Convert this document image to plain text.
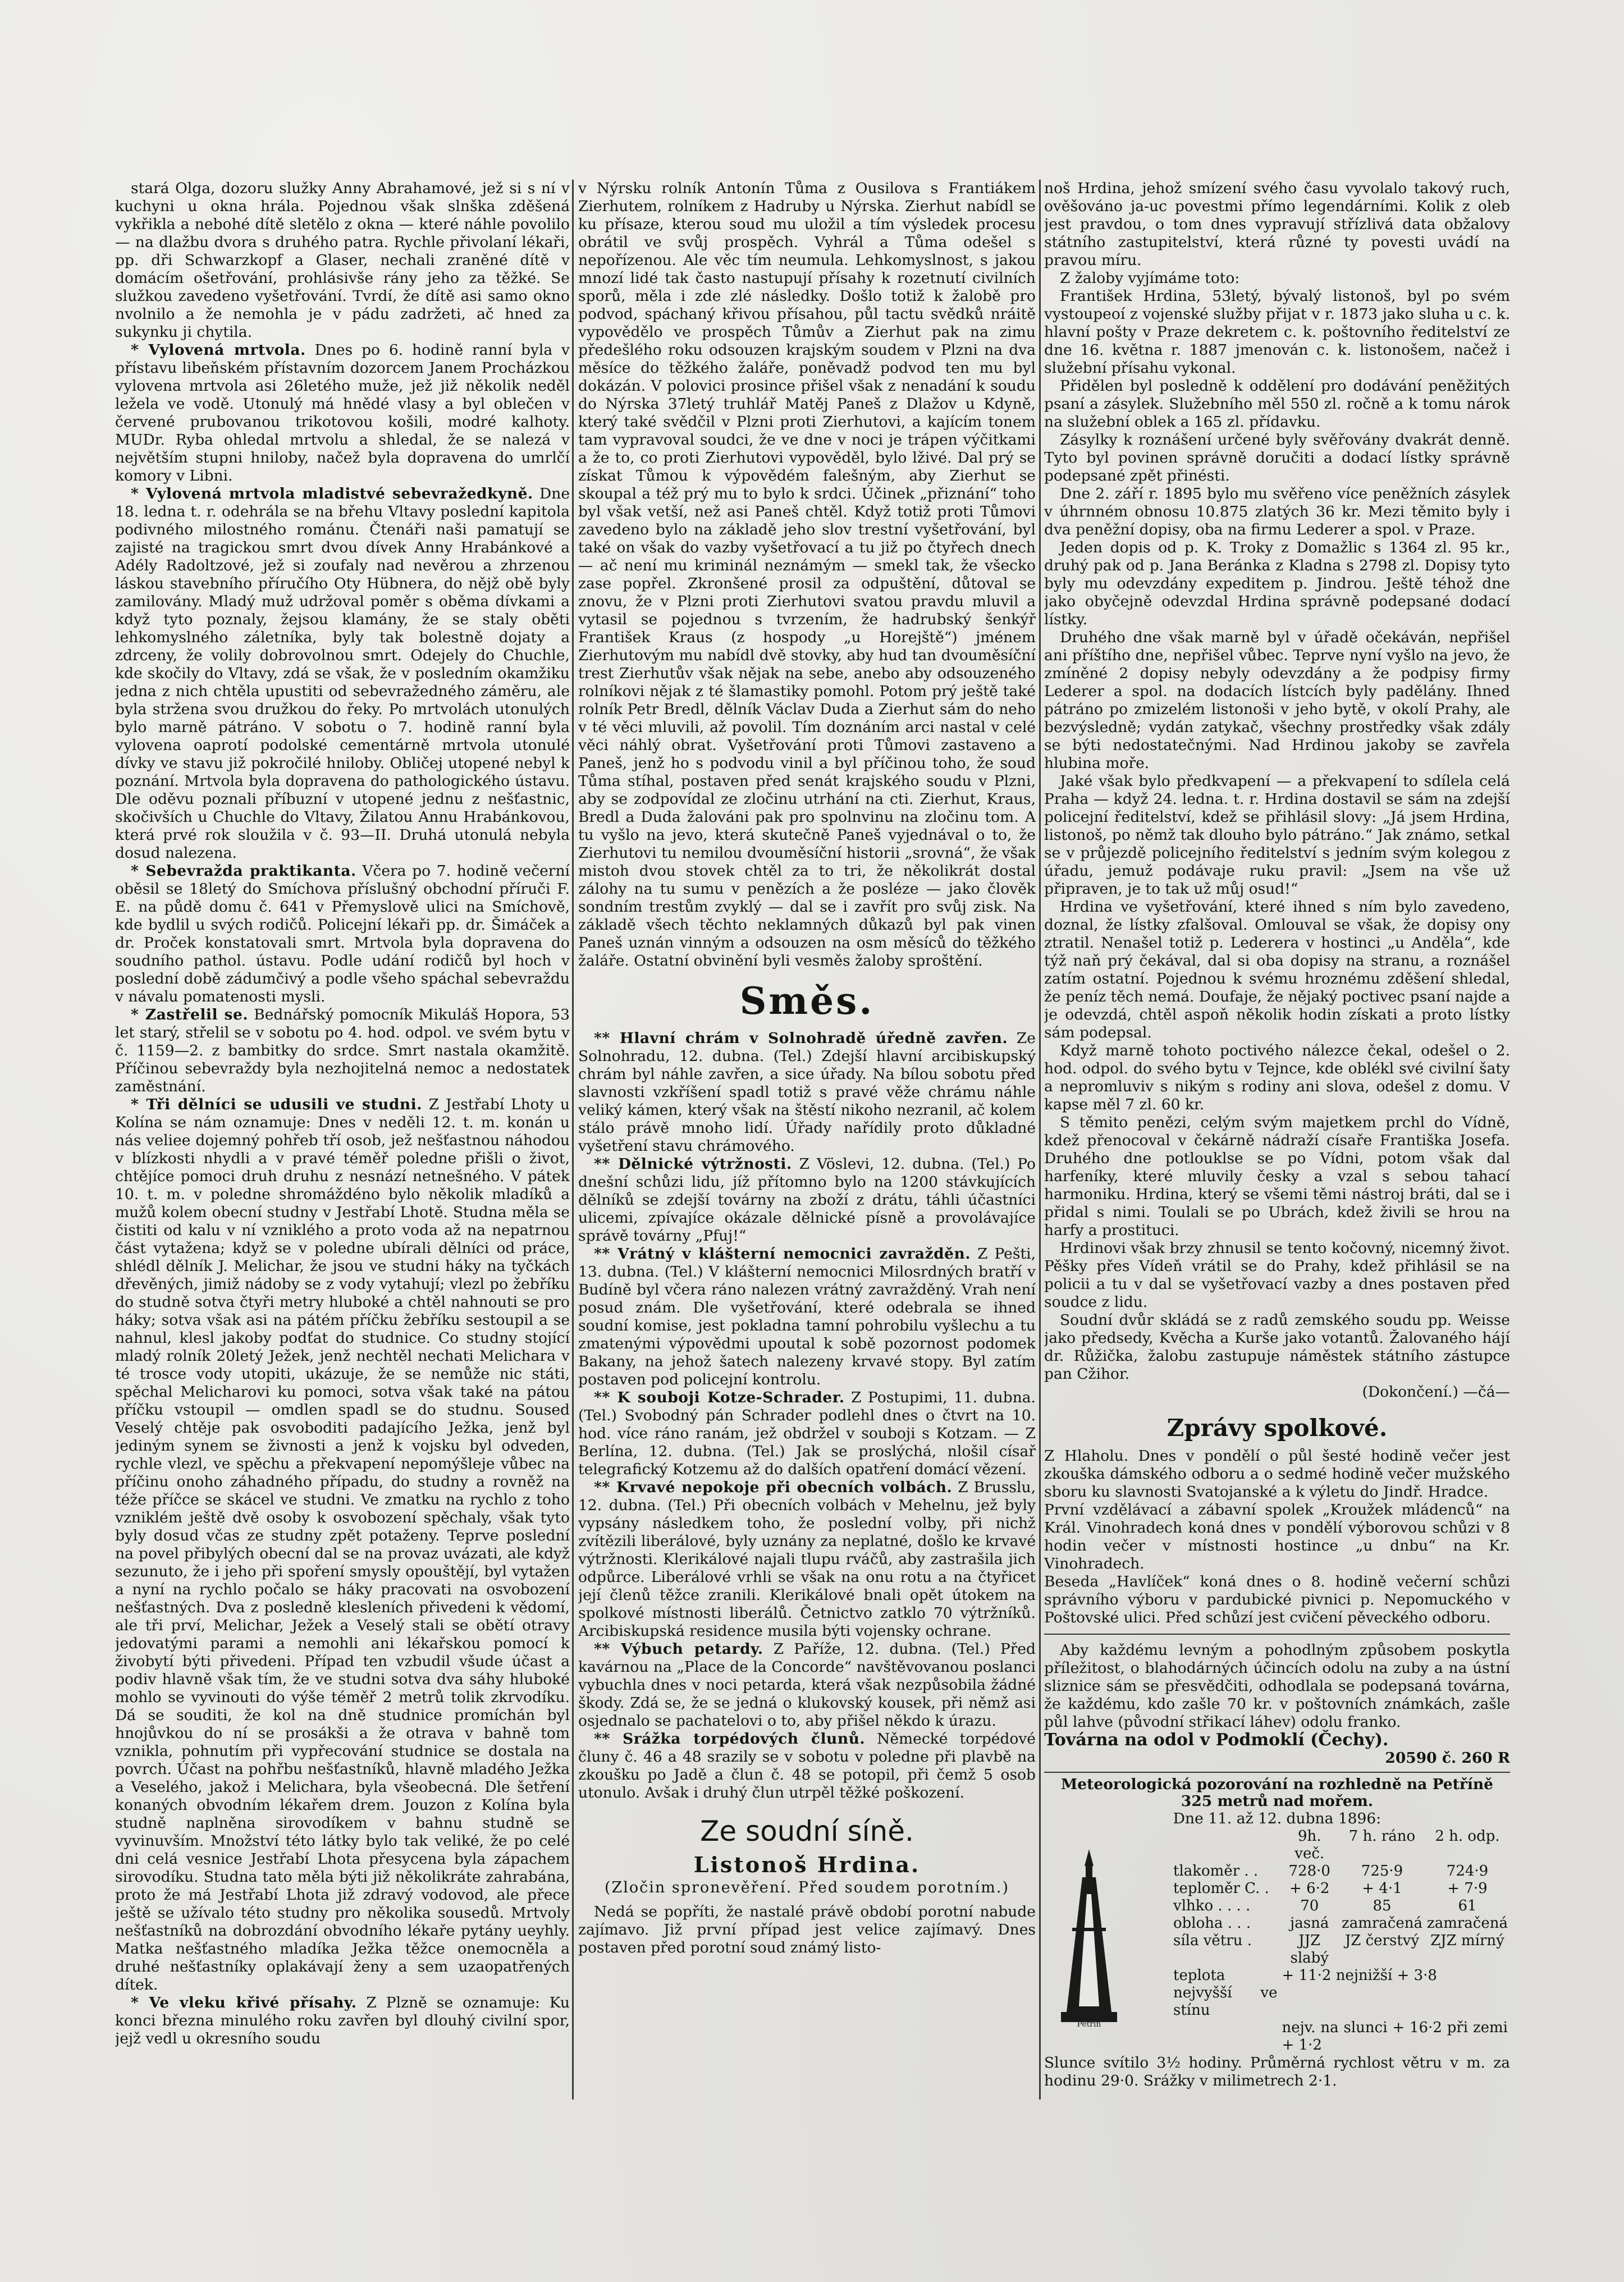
stará Olga, dozoru služky Anny Abrahamové, jež si s ní v kuchyni u okna hrála. Pojednou však slnška zděšená vykřikla a nebohé dítě sletělo z okna — které náhle povolilo — na dlažbu dvora s druhého patra. Rychle přivolaní lékaři, pp. dři Schwarzkopf a Glaser, nechali zraněné dítě v domácím ošetřování, prohlásivše rány jeho za těžké. Se služkou zavedeno vyšetřování. Tvrdí, že dítě asi samo okno nvolnilo a že nemohla je v pádu zadržeti, ač hned za sukynku ji chytila.

* Vylovená mrtvola. Dnes po 6. hodině ranní byla v přístavu libeňském přístavním dozorcem Janem Procházkou vylovena mrtvola asi 26letého muže, jež již několik neděl ležela ve vodě. Utonulý má hnědé vlasy a byl oblečen v červené prubovanou trikotovou košili, modré kalhoty. MUDr. Ryba ohledal mrtvolu a shledal, že se nalezá v největším stupni hniloby, načež byla dopravena do umrlčí komory v Libni.

* Vylovená mrtvola mladistvé sebevražedkyně. Dne 18. ledna t. r. odehrála se na břehu Vltavy poslední kapitola podivného milostného románu. Čtenáři naši pamatují se zajisté na tragickou smrt dvou dívek Anny Hrabánkové a Adély Radoltzové, jež si zoufaly nad nevěrou a zhrzenou láskou stavebního příručího Oty Hübnera, do nějž obě byly zamilovány. Mladý muž udržoval poměr s oběma dívkami a když tyto poznaly, žejsou klamány, že se staly oběti lehkomyslného záletníka, byly tak bolestně dojaty a zdrceny, že volily dobrovolnou smrt. Odejely do Chuchle, kde skočily do Vltavy, zdá se však, že v posledním okamžiku jedna z nich chtěla upustiti od sebevražedného záměru, ale byla stržena svou družkou do řeky. Po mrtvolách utonulých bylo marně pátráno. V sobotu o 7. hodině ranní byla vylovena oaprotí podolské cementárně mrtvola utonulé dívky ve stavu již pokročilé hniloby. Obličej utopené nebyl k poznání. Mrtvola byla dopravena do pathologického ústavu. Dle oděvu poznali příbuzní v utopené jednu z nešťastnic, skočivších u Chuchle do Vltavy, Žilatou Annu Hrabánkovou, která prvé rok sloužila v č. 93—II. Druhá utonulá nebyla dosud nalezena.

* Sebevražda praktikanta. Včera po 7. hodině večerní oběsil se 18letý do Smíchova příslušný obchodní příruči F. E. na půdě domu č. 641 v Přemyslově ulici na Smíchově, kde bydlil u svých rodičů. Policejní lékaři pp. dr. Šimáček a dr. Proček konstatovali smrt. Mrtvola byla dopravena do soudního pathol. ústavu. Podle udání rodičů byl hoch v poslední době zádumčivý a podle všeho spáchal sebevraždu v návalu pomatenosti mysli.

* Zastřelil se. Bednářský pomocník Mikuláš Hopora, 53 let starý, střelil se v sobotu po 4. hod. odpol. ve svém bytu v č. 1159—2. z bambitky do srdce. Smrt nastala okamžitě. Příčinou sebevraždy byla nezhojitelná nemoc a nedostatek zaměstnání.

* Tři dělníci se udusili ve studni. Z Jestřabí Lhoty u Kolína se nám oznamuje: Dnes v neděli 12. t. m. konán u nás veliee dojemný pohřeb tří osob, jež nešťastnou náhodou v blízkosti nhydli a v pravé téměř poledne přišli o život, chtějíce pomoci druh druhu z nesnází netnešného. V pátek 10. t. m. v poledne shromáždéno bylo několik mladíků a mužů kolem obecní studny v Jestřabí Lhotě. Studna měla se čistiti od kalu v ní vzniklého a proto voda až na nepatrnou část vytažena; když se v poledne ubírali dělníci od práce, shlédl dělník J. Melichar, že jsou ve studni háky na tyčkách dřevěných, jimiž nádoby se z vody vytahují; vlezl po žebříku do studně sotva čtyři metry hluboké a chtěl nahnouti se pro háky; sotva však asi na pátém příčku žebříku sestoupil a se nahnul, klesl jakoby podťat do studnice. Co studny stojící mladý rolník 20letý Ježek, jenž nechtěl nechati Melichara v té trosce vody utopiti, ukázuje, že se nemůže nic státi, spěchal Melicharovi ku pomoci, sotva však také na pátou příčku vstoupil — omdlen spadl se do studnu. Soused Veselý chtěje pak osvoboditi padajícího Ježka, jenž byl jediným synem se živnosti a jenž k vojsku byl odveden, rychle vlezl, ve spěchu a překvapení nepomýšleje vůbec na příčinu onoho záhadného případu, do studny a rovněž na téže příčce se skácel ve studni. Ve zmatku na rychlo z toho vzniklém ještě dvě osoby k osvobození spěchaly, však tyto byly dosud včas ze studny zpět potaženy. Teprve poslední na povel přibylých obecní dal se na provaz uvázati, ale když sezunuto, že i jeho při spoření smysly opouštějí, byl vytažen a nyní na rychlo počalo se háky pracovati na osvobození nešťastných. Dva z posledně klesleních přivedeni k vědomí, ale tři prví, Melichar, Ježek a Veselý stali se obětí otravy jedovatými parami a nemohli ani lékařskou pomocí k živobytí býti přivedeni. Případ ten vzbudil všude účast a podiv hlavně však tím, že ve studni sotva dva sáhy hluboké mohlo se vyvinouti do výše téměř 2 metrů tolik zkrvodíku. Dá se souditi, že kol na dně studnice promíchán byl hnojůvkou do ní se prosákši a že otrava v bahně tom vznikla, pohnutím při vypřecování studnice se dostala na povrch. Účast na pohřbu nešťastníků, hlavně mladého Ježka a Veselého, jakož i Melichara, byla všeobecná. Dle šetření konaných obvodním lékařem drem. Jouzon z Kolína byla studně naplněna sirovodíkem v bahnu studně se vyvinuvším. Množství této látky bylo tak veliké, že po celé dni celá vesnice Jestřabí Lhota přesycena byla zápachem sirovodíku. Studna tato měla býti již několikráte zahrabána, proto že má Jestřabí Lhota již zdravý vodovod, ale přece ještě se užívalo této studny pro několika sousedů. Mrtvoly nešťastníků na dobrozdání obvodního lékaře pytány ueyhly. Matka nešťastného mladíka Ježka těžce onemocněla a druhé nešťastníky oplakávají ženy a sem uzaopatřených dítek.

* Ve vleku křivé přísahy. Z Plzně se oznamuje: Ku konci března minulého roku zavřen byl dlouhý civilní spor, jejž vedl u okresního soudu

v Nýrsku rolník Antonín Tůma z Ousilova s Frantiákem Zierhutem, rolníkem z Hadruby u Nýrska. Zierhut nabídl se ku přísaze, kterou soud mu uložil a tím výsledek procesu obrátil ve svůj prospěch. Vyhrál a Tůma odešel s nepořízenou. Ale věc tím neumula. Lehkomyslnost, s jakou mnozí lidé tak často nastupují přísahy k rozetnutí civilních sporů, měla i zde zlé následky. Došlo totiž k žalobě pro podvod, spáchaný křivou přísahou, půl tactu svědků nráitě vypovědělo ve prospěch Tůmův a Zierhut pak na zimu předešlého roku odsouzen krajským soudem v Plzni na dva měsíce do těžkého žaláře, poněvadž podvod ten mu byl dokázán. V polovici prosince přišel však z nenadání k soudu do Nýrska 37letý truhlář Matěj Paneš z Dlažov u Kdyně, který také svědčil v Plzni proti Zierhutovi, a kajícím tonem tam vypravoval soudci, že ve dne v noci je trápen výčitkami a že to, co proti Zierhutovi vypověděl, bylo lživé. Dal prý se získat Tůmou k výpovědém falešným, aby Zierhut se skoupal a též prý mu to bylo k srdci. Účinek „přiznání“ toho byl však vetší, než asi Paneš chtěl. Když totiž proti Tůmovi zavedeno bylo na základě jeho slov trestní vyšetřování, byl také on však do vazby vyšetřovací a tu již po čtyřech dnech — ač není mu kriminál neznámým — smekl tak, že všecko zase popřel. Zkronšené prosil za odpuštění, důtoval se znovu, že v Plzni proti Zierhutovi svatou pravdu mluvil a vytasil se pojednou s tvrzením, že hadrubský šenkýř František Kraus (z hospody „u Horejště“) jménem Zierhutovým mu nabídl dvě stovky, aby hud tan dvouměsíční trest Zierhutův však nějak na sebe, anebo aby odsouzeného rolníkovi nějak z té šlamastiky pomohl. Potom prý ještě také rolník Petr Bredl, dělník Václav Duda a Zierhut sám do neho v té věci mluvili, až povolil. Tím doznáním arci nastal v celé věci náhlý obrat. Vyšetřování proti Tůmovi zastaveno a Paneš, jenž ho s podvodu vinil a byl příčinou toho, že soud Tůma stíhal, postaven před senát krajského soudu v Plzni, aby se zodpovídal ze zločinu utrhání na cti. Zierhut, Kraus, Bredl a Duda žalováni pak pro spolnvinu na zločinu tom. A tu vyšlo na jevo, která skutečně Paneš vyjednával o to, že Zierhutovi tu nemilou dvouměsíční historii „srovná“, že však mistoh dvou stovek chtěl za to tri, že několikrát dostal zálohy na tu sumu v penězích a že posléze — jako člověk sondním trestům zvyklý — dal se i zavřít pro svůj zisk. Na základě všech těchto neklamných důkazů byl pak vinen Paneš uznán vinným a odsouzen na osm měsíců do těžkého žaláře. Ostatní obvinění byli vesměs žaloby sproštění.

Směs.

** Hlavní chrám v Solnohradě úředně zavřen. Ze Solnohradu, 12. dubna. (Tel.) Zdejší hlavní arcibiskupský chrám byl náhle zavřen, a sice úřady. Na bílou sobotu před slavnosti vzkříšení spadl totiž s pravé věže chrámu náhle veliký kámen, který však na štěstí nikoho nezranil, ač kolem stálo právě mnoho lidí. Úřady nařídily proto důkladné vyšetření stavu chrámového.

** Dělnické výtržnosti. Z Vöslevi, 12. dubna. (Tel.) Po dnešní schůzi lidu, jíž přítomno bylo na 1200 stávkujících dělníků se zdejší továrny na zboží z drátu, táhli účastníci ulicemi, zpívajíce okázale dělnické písně a provolávajíce správě továrny „Pfuj!“

** Vrátný v klášterní nemocnici zavražděn. Z Pešti, 13. dubna. (Tel.) V klášterní nemocnici Milosrdných bratří v Budíně byl včera ráno nalezen vrátný zavražděný. Vrah není posud znám. Dle vyšetřování, které odebrala se ihned soudní komise, jest pokladna tamní pohrobilu vyšlechu a tu zmatenými výpovědmi upoutal k sobě pozornost podomek Bakany, na jehož šatech nalezeny krvavé stopy. Byl zatím postaven pod policejní kontrolu.

** K souboji Kotze-Schrader. Z Postupimi, 11. dubna. (Tel.) Svobodný pán Schrader podlehl dnes o čtvrt na 10. hod. více ráno ranám, jež obdržel v souboji s Kotzam. — Z Berlína, 12. dubna. (Tel.) Jak se proslýchá, nlošil císař telegrafický Kotzemu až do dalších opatření domácí vězení.

** Krvavé nepokoje při obecních volbách. Z Brusslu, 12. dubna. (Tel.) Při obecních volbách v Mehelnu, jež byly vypsány následkem toho, že poslední volby, při nichž zvítězili liberálové, byly uznány za neplatné, došlo ke krvavé výtržnosti. Klerikálové najali tlupu rváčů, aby zastrašila jich odpůrce. Liberálové vrhli se však na onu rotu a na čtyřicet její členů těžce zranili. Klerikálové bnali opět útokem na spolkové místnosti liberálů. Četnictvo zatklo 70 výtržníků. Arcibiskupská residence musila býti vojensky ochrane.

** Výbuch petardy. Z Paříže, 12. dubna. (Tel.) Před kavárnou na „Place de la Concorde“ navštěvovanou poslanci vybuchla dnes v noci petarda, která však nezpůsobila žádné škody. Zdá se, že se jedná o klukovský kousek, při němž asi osjednalo se pachatelovi o to, aby přišel někdo k úrazu.

** Srážka torpédových člunů. Německé torpédové čluny č. 46 a 48 srazily se v sobotu v poledne při plavbě na zkoušku po Jadě a člun č. 48 se potopil, při čemž 5 osob utonulo. Avšak i druhý člun utrpěl těžké poškození.

Ze soudní síně.
Listonoš Hrdina.
(Zločin spronevěření. Před soudem porotním.)

Nedá se popříti, že nastalé právě období porotní nabude zajímavo. Již první případ jest velice zajímavý. Dnes postaven před porotní soud známý listo-

noš Hrdina, jehož smízení svého času vyvolalo takový ruch, ověšováno ja-uc povestmi přímo legendárními. Kolik z oleb jest pravdou, o tom dnes vypravují střízlivá data obžalovy státního zastupitelství, která různé ty povesti uvádí na pravou míru.

Z žaloby vyjímáme toto:

František Hrdina, 53letý, bývalý listonoš, byl po svém vystoupeoí z vojenské služby přijat v r. 1873 jako sluha u c. k. hlavní pošty v Praze dekretem c. k. poštovního ředitelství ze dne 16. května r. 1887 jmenován c. k. listonošem, načež i služební přísahu vykonal.

Přidělen byl posledně k oddělení pro dodávání peněžitých psaní a zásylek. Služebního měl 550 zl. ročně a k tomu nárok na služební oblek a 165 zl. přídavku.

Zásylky k roznášení určené byly svěřovány dvakrát denně. Tyto byl povinen správně doručiti a dodací lístky správně podepsané zpět přinésti.

Dne 2. září r. 1895 bylo mu svěřeno více peněžních zásylek v úhrnném obnosu 10.875 zlatých 36 kr. Mezi těmito byly i dva peněžní dopisy, oba na firmu Lederer a spol. v Praze.

Jeden dopis od p. K. Troky z Domažlic s 1364 zl. 95 kr., druhý pak od p. Jana Beránka z Kladna s 2798 zl. Dopisy tyto byly mu odevzdány expeditem p. Jindrou. Ještě téhož dne jako obyčejně odevzdal Hrdina správně podepsané dodací lístky.

Druhého dne však marně byl v úřadě očekáván, nepřišel ani příštího dne, nepřišel vůbec. Teprve nyní vyšlo na jevo, že zmíněné 2 dopisy nebyly odevzdány a že podpisy firmy Lederer a spol. na dodacích lístcích byly padělány. Ihned pátráno po zmizelém listonoši v jeho bytě, v okolí Prahy, ale bezvýsledně; vydán zatykač, všechny prostředky však zdály se býti nedostatečnými. Nad Hrdinou jakoby se zavřela hlubina moře.

Jaké však bylo předkvapení — a překvapení to sdílela celá Praha — když 24. ledna. t. r. Hrdina dostavil se sám na zdejší policejní ředitelství, kdež se přihlásil slovy: „Já jsem Hrdina, listonoš, po němž tak dlouho bylo pátráno.“ Jak známo, setkal se v průjezdě policejního ředitelství s jedním svým kolegou z úřadu, jemuž podávaje ruku pravil: „Jsem na vše už připraven, je to tak už můj osud!“

Hrdina ve vyšetřování, které ihned s ním bylo zavedeno, doznal, že lístky zfalšoval. Omlouval se však, že dopisy ony ztratil. Nenašel totiž p. Lederera v hostinci „u Anděla“, kde týž naň prý čekával, dal si oba dopisy na stranu, a roznášel zatím ostatní. Pojednou k svému hroznému zděšení shledal, že peníz těch nemá. Doufaje, že nějaký poctivec psaní najde a je odevzdá, chtěl aspoň několik hodin získati a proto lístky sám podepsal.

Když marně tohoto poctivého nálezce čekal, odešel o 2. hod. odpol. do svého bytu v Tejnce, kde oblékl své civilní šaty a nepromluviv s nikým s rodiny ani slova, odešel z domu. V kapse měl 7 zl. 60 kr.

S těmito penězi, celým svým majetkem prchl do Vídně, kdež přenocoval v čekárně nádraží císaře Františka Josefa. Druhého dne potlouklse se po Vídni, potom však dal harfeníky, které mluvily česky a vzal s sebou tahací harmoniku. Hrdina, který se všemi těmi nástroj bráti, dal se i přidal s nimi. Toulali se po Ubrách, kdež živili se hrou na harfy a prostituci.

Hrdinovi však brzy zhnusil se tento kočovný, nicemný život. Pěšky přes Vídeň vrátil se do Prahy, kdež přihlásil se na policii a tu v dal se vyšetřovací vazby a dnes postaven před soudce z lidu.

Soudní dvůr skládá se z radů zemského soudu pp. Weisse jako předsedy, Kvěcha a Kurše jako votantů. Žalovaného hájí dr. Růžička, žalobu zastupuje náměstek státního zástupce pan Cžihor.

(Dokončení.) —čá—

Zprávy spolkové.

Z Hlaholu. Dnes v pondělí o půl šesté hodině večer jest zkouška dámského odboru a o sedmé hodině večer mužského sboru ku slavnosti Svatojanské a k výletu do Jindř. Hradce.

První vzdělávací a zábavní spolek „Kroužek mládenců“ na Král. Vinohradech koná dnes v pondělí výborovou schůzi v 8 hodin večer v místnosti hostince „u dnbu“ na Kr. Vinohradech.

Beseda „Havlíček“ koná dnes o 8. hodině večerní schůzi správního výboru v pardubické pivnici p. Nepomuckého v Poštovské ulici. Před schůzí jest cvičení pěveckého odboru.

Aby každému levným a pohodlným způsobem poskytla příležitost, o blahodárných účincích odolu na zuby a na ústní sliznice sám se přesvědčiti, odhodlala se podepsaná továrna, že každému, kdo zašle 70 kr. v poštovních známkách, zašle půl lahve (původní střikací láhev) odolu franko.

Továrna na odol v Podmoklí (Čechy).

20590 č. 260 R

Meteorologická pozorování na rozhledně na Petříně 325 metrů nad mořem.
Dne 11. až 12. dubna 1896:
Petřín
	9h. več.	7 h. ráno	2 h. odp.
tlakoměr . .	728·0	725·9	724·9
teploměr C. .	+ 6·2	+ 4·1	+ 7·9
vlhko . . . .	70	85	61
obloha . . .	jasná	zamračená	zamračená
síla větru .	JJZ slabý	JZ čerstvý	ZJZ mírný
teplota nejvyšší ve stínu	+ 11·2 nejnižší + 3·8		
	nejv. na slunci + 16·2 při zemi + 1·2		

Slunce svítilo 3½ hodiny. Průměrná rychlost větru v m. za hodinu 29·0. Srážky v milimetrech 2·1.
